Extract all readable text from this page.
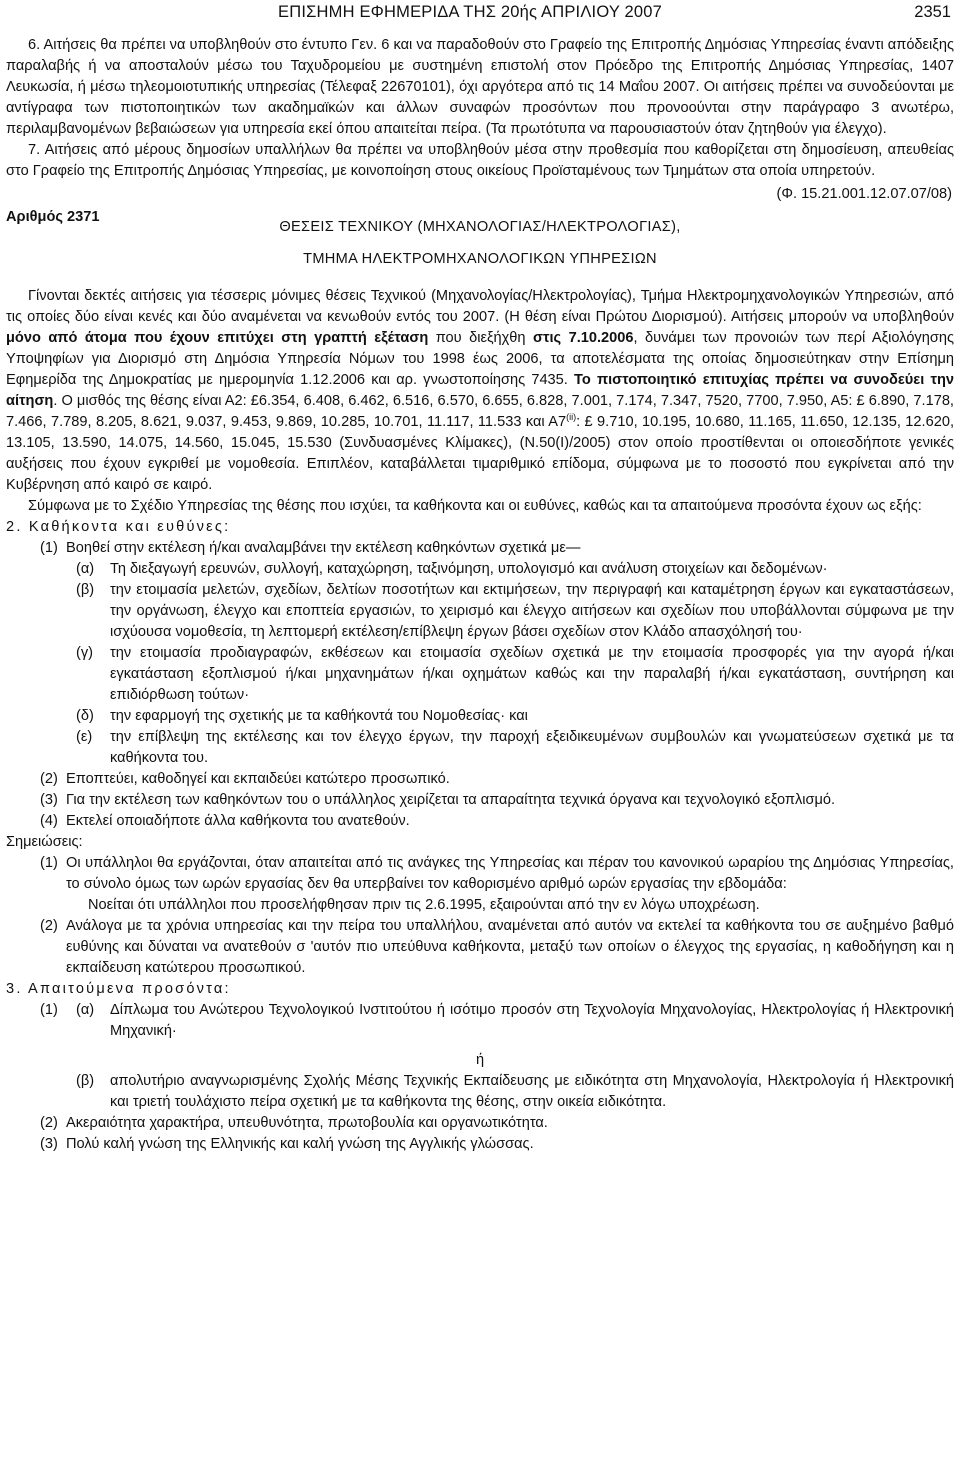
ΕΠΙΣΗΜΗ ΕΦΗΜΕΡΙΔΑ ΤΗΣ 20ής ΑΠΡΙΛΙΟΥ 2007	2351

6. Αιτήσεις θα πρέπει να υποβληθούν στο έντυπο Γεν. 6 και να παραδοθούν στο Γραφείο της Επιτροπής Δημόσιας Υπηρεσίας έναντι απόδειξης παραλαβής ή να αποσταλούν μέσω του Ταχυδρομείου με συστημένη επιστολή στον Πρόεδρο της Επιτροπής Δημόσιας Υπηρεσίας, 1407 Λευκωσία, ή μέσω τηλεομοιοτυπικής υπηρεσίας (Τέλεφαξ 22670101), όχι αργότερα από τις 14 Μαΐου 2007. Οι αιτήσεις πρέπει να συνοδεύονται με αντίγραφα των πιστοποιητικών των ακαδημαϊκών και άλλων συναφών προσόντων που προνοούνται στην παράγραφο 3 ανωτέρω, περιλαμβανομένων βεβαιώσεων για υπηρεσία εκεί όπου απαιτείται πείρα. (Τα πρωτότυπα να παρουσιαστούν όταν ζητηθούν για έλεγχο).

7. Αιτήσεις από μέρους δημοσίων υπαλλήλων θα πρέπει να υποβληθούν μέσα στην προθεσμία που καθορίζεται στη δημοσίευση, απευθείας στο Γραφείο της Επιτροπής Δημόσιας Υπηρεσίας, με κοινοποίηση στους οικείους Προϊσταμένους των Τμημάτων στα οποία υπηρετούν.

(Φ. 15.21.001.12.07.07/08)

Αριθμός 2371
ΘΕΣΕΙΣ ΤΕΧΝΙΚΟΥ (ΜΗΧΑΝΟΛΟΓΙΑΣ/ΗΛΕΚΤΡΟΛΟΓΙΑΣ),

ΤΜΗΜΑ ΗΛΕΚΤΡΟΜΗΧΑΝΟΛΟΓΙΚΩΝ ΥΠΗΡΕΣΙΩΝ

Γίνονται δεκτές αιτήσεις για τέσσερις μόνιμες θέσεις Τεχνικού (Μηχανολογίας/Ηλεκτρολογίας), Τμήμα Ηλεκτρομηχανολογικών Υπηρεσιών, από τις οποίες δύο είναι κενές και δύο αναμένεται να κενωθούν εντός του 2007. (Η θέση είναι Πρώτου Διορισμού). Αιτήσεις μπορούν να υποβληθούν μόνο από άτομα που έχουν επιτύχει στη γραπτή εξέταση που διεξήχθη στις 7.10.2006, δυνάμει των προνοιών των περί Αξιολόγησης Υποψηφίων για Διορισμό στη Δημόσια Υπηρεσία Νόμων του 1998 έως 2006, τα αποτελέσματα της οποίας δημοσιεύτηκαν στην Επίσημη Εφημερίδα της Δημοκρατίας με ημερομηνία 1.12.2006 και αρ. γνωστοποίησης 7435. Το πιστοποιητικό επιτυχίας πρέπει να συνοδεύει την αίτηση. Ο μισθός της θέσης είναι Α2: £6.354, 6.408, 6.462, 6.516, 6.570, 6.655, 6.828, 7.001, 7.174, 7.347, 7520, 7700, 7.950, Α5: £ 6.890, 7.178, 7.466, 7.789, 8.205, 8.621, 9.037, 9.453, 9.869, 10.285, 10.701, 11.117, 11.533 και Α7$^{(ii)}$: £ 9.710, 10.195, 10.680, 11.165, 11.650, 12.135, 12.620, 13.105, 13.590, 14.075, 14.560, 15.045, 15.530 (Συνδυασμένες Κλίμακες), (Ν.50(Ι)/2005) στον οποίο προστίθενται οι οποιεσδήποτε γενικές αυξήσεις που έχουν εγκριθεί με νομοθεσία. Επιπλέον, καταβάλλεται τιμαριθμικό επίδομα, σύμφωνα με το ποσοστό που εγκρίνεται από την Κυβέρνηση από καιρό σε καιρό.

Σύμφωνα με το Σχέδιο Υπηρεσίας της θέσης που ισχύει, τα καθήκοντα και οι ευθύνες, καθώς και τα απαιτούμενα προσόντα έχουν ως εξής:

2. Καθήκοντα και ευθύνες:

(1) Βοηθεί στην εκτέλεση ή/και αναλαμβάνει την εκτέλεση καθηκόντων σχετικά με—
(α) Τη διεξαγωγή ερευνών, συλλογή, καταχώρηση, ταξινόμηση, υπολογισμό και ανάλυση στοιχείων και δεδομένων·
(β) την ετοιμασία μελετών, σχεδίων, δελτίων ποσοτήτων και εκτιμήσεων, την περιγραφή και καταμέτρηση έργων και εγκαταστάσεων, την οργάνωση, έλεγχο και εποπτεία εργασιών, το χειρισμό και έλεγχο αιτήσεων και σχεδίων που υποβάλλονται σύμφωνα με την ισχύουσα νομοθεσία, τη λεπτομερή εκτέλεση/επίβλεψη έργων βάσει σχεδίων στον Κλάδο απασχόλησή του·
(γ) την ετοιμασία προδιαγραφών, εκθέσεων και ετοιμασία σχεδίων σχετικά με την ετοιμασία προσφορές για την αγορά ή/και εγκατάσταση εξοπλισμού ή/και μηχανημάτων ή/και οχημάτων καθώς και την παραλαβή ή/και εγκατάσταση, συντήρηση και επιδιόρθωση τούτων·
(δ) την εφαρμογή της σχετικής με τα καθήκοντά του Νομοθεσίας· και
(ε) την επίβλεψη της εκτέλεσης και τον έλεγχο έργων, την παροχή εξειδικευμένων συμβουλών και γνωματεύσεων σχετικά με τα καθήκοντα του.
(2) Εποπτεύει, καθοδηγεί και εκπαιδεύει κατώτερο προσωπικό.
(3) Για την εκτέλεση των καθηκόντων του ο υπάλληλος χειρίζεται τα απαραίτητα τεχνικά όργανα και τεχνολογικό εξοπλισμό.
(4) Εκτελεί οποιαδήποτε άλλα καθήκοντα του ανατεθούν.

Σημειώσεις:

(1) Οι υπάλληλοι θα εργάζονται, όταν απαιτείται από τις ανάγκες της Υπηρεσίας και πέραν του κανονικού ωραρίου της Δημόσιας Υπηρεσίας, το σύνολο όμως των ωρών εργασίας δεν θα υπερβαίνει τον καθορισμένο αριθμό ωρών εργασίας την εβδομάδα:

Νοείται ότι υπάλληλοι που προσελήφθησαν πριν τις 2.6.1995, εξαιρούνται από την εν λόγω υποχρέωση.

(2) Ανάλογα με τα χρόνια υπηρεσίας και την πείρα του υπαλλήλου, αναμένεται από αυτόν να εκτελεί τα καθήκοντα του σε αυξημένο βαθμό ευθύνης και δύναται να ανατεθούν σ 'αυτόν πιο υπεύθυνα καθήκοντα, μεταξύ των οποίων ο έλεγχος της εργασίας, η καθοδήγηση και η εκπαίδευση κατώτερου προσωπικού.

3. Απαιτούμενα προσόντα:

(1) (α) Δίπλωμα του Ανώτερου Τεχνολογικού Ινστιτούτου ή ισότιμο προσόν στη Τεχνολογία Μηχανολογίας, Ηλεκτρολογίας ή Ηλεκτρονική Μηχανική·

ή

(β) απολυτήριο αναγνωρισμένης Σχολής Μέσης Τεχνικής Εκπαίδευσης με ειδικότητα στη Μηχανολογία, Ηλεκτρολογία ή Ηλεκτρονική και τριετή τουλάχιστο πείρα σχετική με τα καθήκοντα της θέσης, στην οικεία ειδικότητα.
(2) Ακεραιότητα χαρακτήρα, υπευθυνότητα, πρωτοβουλία και οργανωτικότητα.
(3) Πολύ καλή γνώση της Ελληνικής και καλή γνώση της Αγγλικής γλώσσας.
